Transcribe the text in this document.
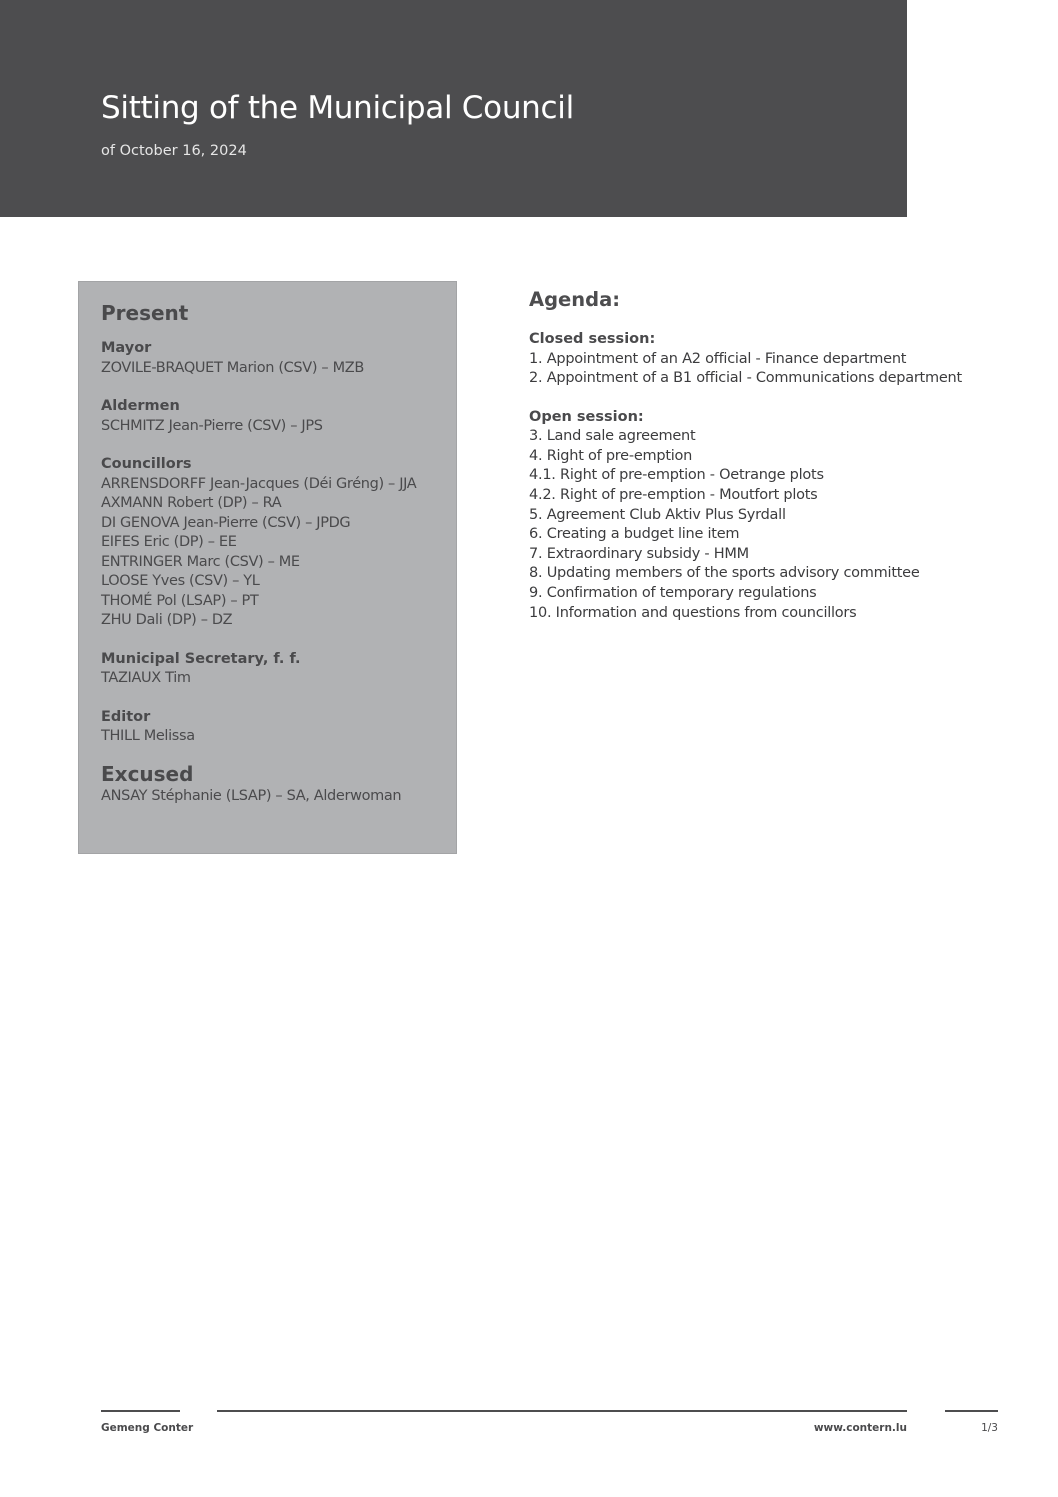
Sitting of the Municipal Council
of October 16, 2024
Present
Mayor
ZOVILE-BRAQUET Marion (CSV) – MZB
Aldermen
SCHMITZ Jean-Pierre (CSV) – JPS
Councillors
ARRENSDORFF Jean-Jacques (Déi Gréng) – JJA
AXMANN Robert (DP) – RA
DI GENOVA Jean-Pierre (CSV) – JPDG
EIFES Eric (DP) – EE
ENTRINGER Marc (CSV) – ME
LOOSE Yves (CSV) – YL
THOMÉ Pol (LSAP) – PT
ZHU Dali (DP) – DZ
Municipal Secretary, f. f.
TAZIAUX Tim
Editor
THILL Melissa
Excused
ANSAY Stéphanie (LSAP) – SA, Alderwoman
Agenda:
Closed session:
1. Appointment of an A2 official - Finance department
2. Appointment of a B1 official - Communications department
Open session:
3. Land sale agreement
4. Right of pre-emption
4.1. Right of pre-emption - Oetrange plots
4.2. Right of pre-emption - Moutfort plots
5. Agreement Club Aktiv Plus Syrdall
6. Creating a budget line item
7. Extraordinary subsidy - HMM
8. Updating members of the sports advisory committee
9. Confirmation of temporary regulations
10. Information and questions from councillors
Gemeng Conter	www.contern.lu	1/3
